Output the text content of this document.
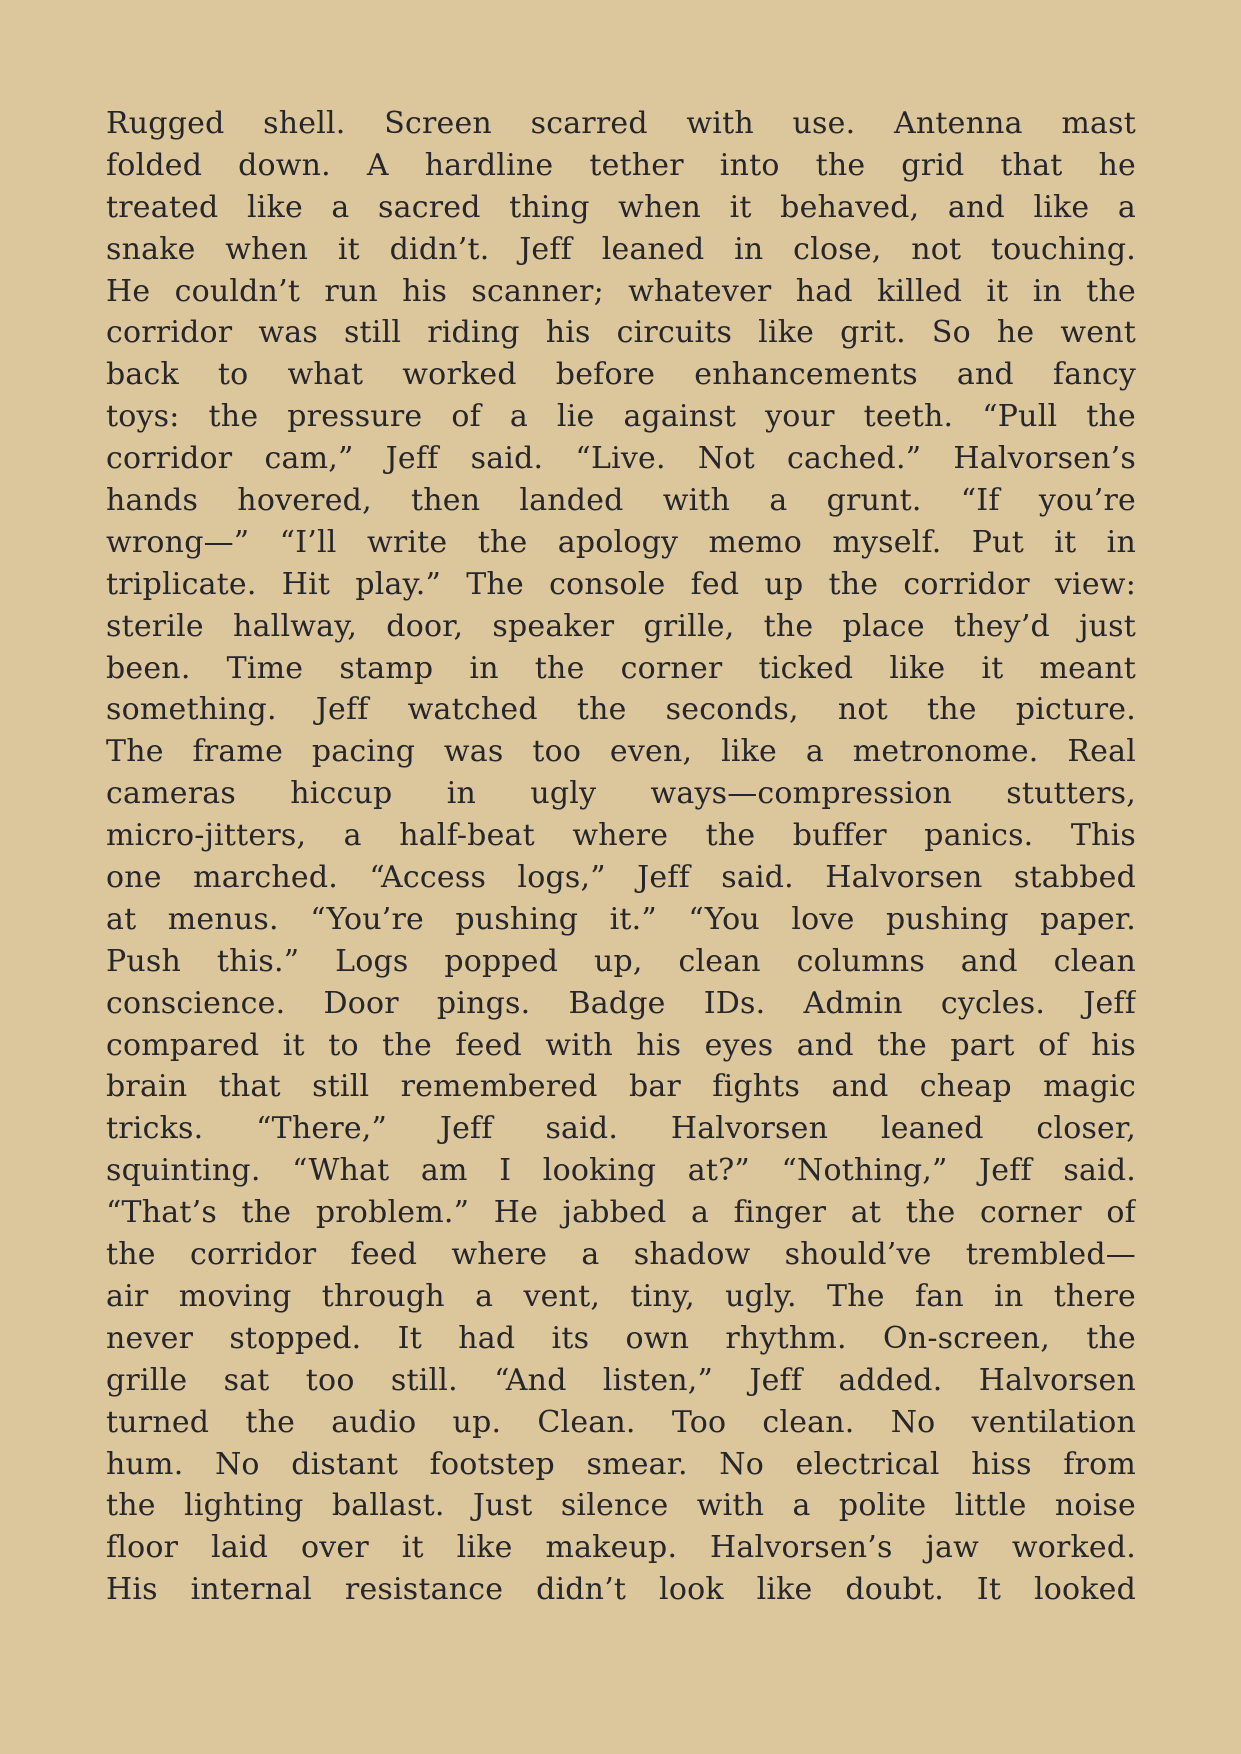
Rugged shell. Screen scarred with use. Antenna mast
folded down. A hardline tether into the grid that he
treated like a sacred thing when it behaved, and like a
snake when it didn’t. Jeff leaned in close, not touching.
He couldn’t run his scanner; whatever had killed it in the
corridor was still riding his circuits like grit. So he went
back to what worked before enhancements and fancy
toys: the pressure of a lie against your teeth. “Pull the
corridor cam,” Jeff said. “Live. Not cached.” Halvorsen’s
hands hovered, then landed with a grunt. “If you’re
wrong—” “I’ll write the apology memo myself. Put it in
triplicate. Hit play.” The console fed up the corridor view:
sterile hallway, door, speaker grille, the place they’d just
been. Time stamp in the corner ticked like it meant
something. Jeff watched the seconds, not the picture.
The frame pacing was too even, like a metronome. Real
cameras hiccup in ugly ways—compression stutters,
micro-jitters, a half-beat where the buffer panics. This
one marched. “Access logs,” Jeff said. Halvorsen stabbed
at menus. “You’re pushing it.” “You love pushing paper.
Push this.” Logs popped up, clean columns and clean
conscience. Door pings. Badge IDs. Admin cycles. Jeff
compared it to the feed with his eyes and the part of his
brain that still remembered bar fights and cheap magic
tricks. “There,” Jeff said. Halvorsen leaned closer,
squinting. “What am I looking at?” “Nothing,” Jeff said.
“That’s the problem.” He jabbed a finger at the corner of
the corridor feed where a shadow should’ve trembled—
air moving through a vent, tiny, ugly. The fan in there
never stopped. It had its own rhythm. On-screen, the
grille sat too still. “And listen,” Jeff added. Halvorsen
turned the audio up. Clean. Too clean. No ventilation
hum. No distant footstep smear. No electrical hiss from
the lighting ballast. Just silence with a polite little noise
floor laid over it like makeup. Halvorsen’s jaw worked.
His internal resistance didn’t look like doubt. It looked
